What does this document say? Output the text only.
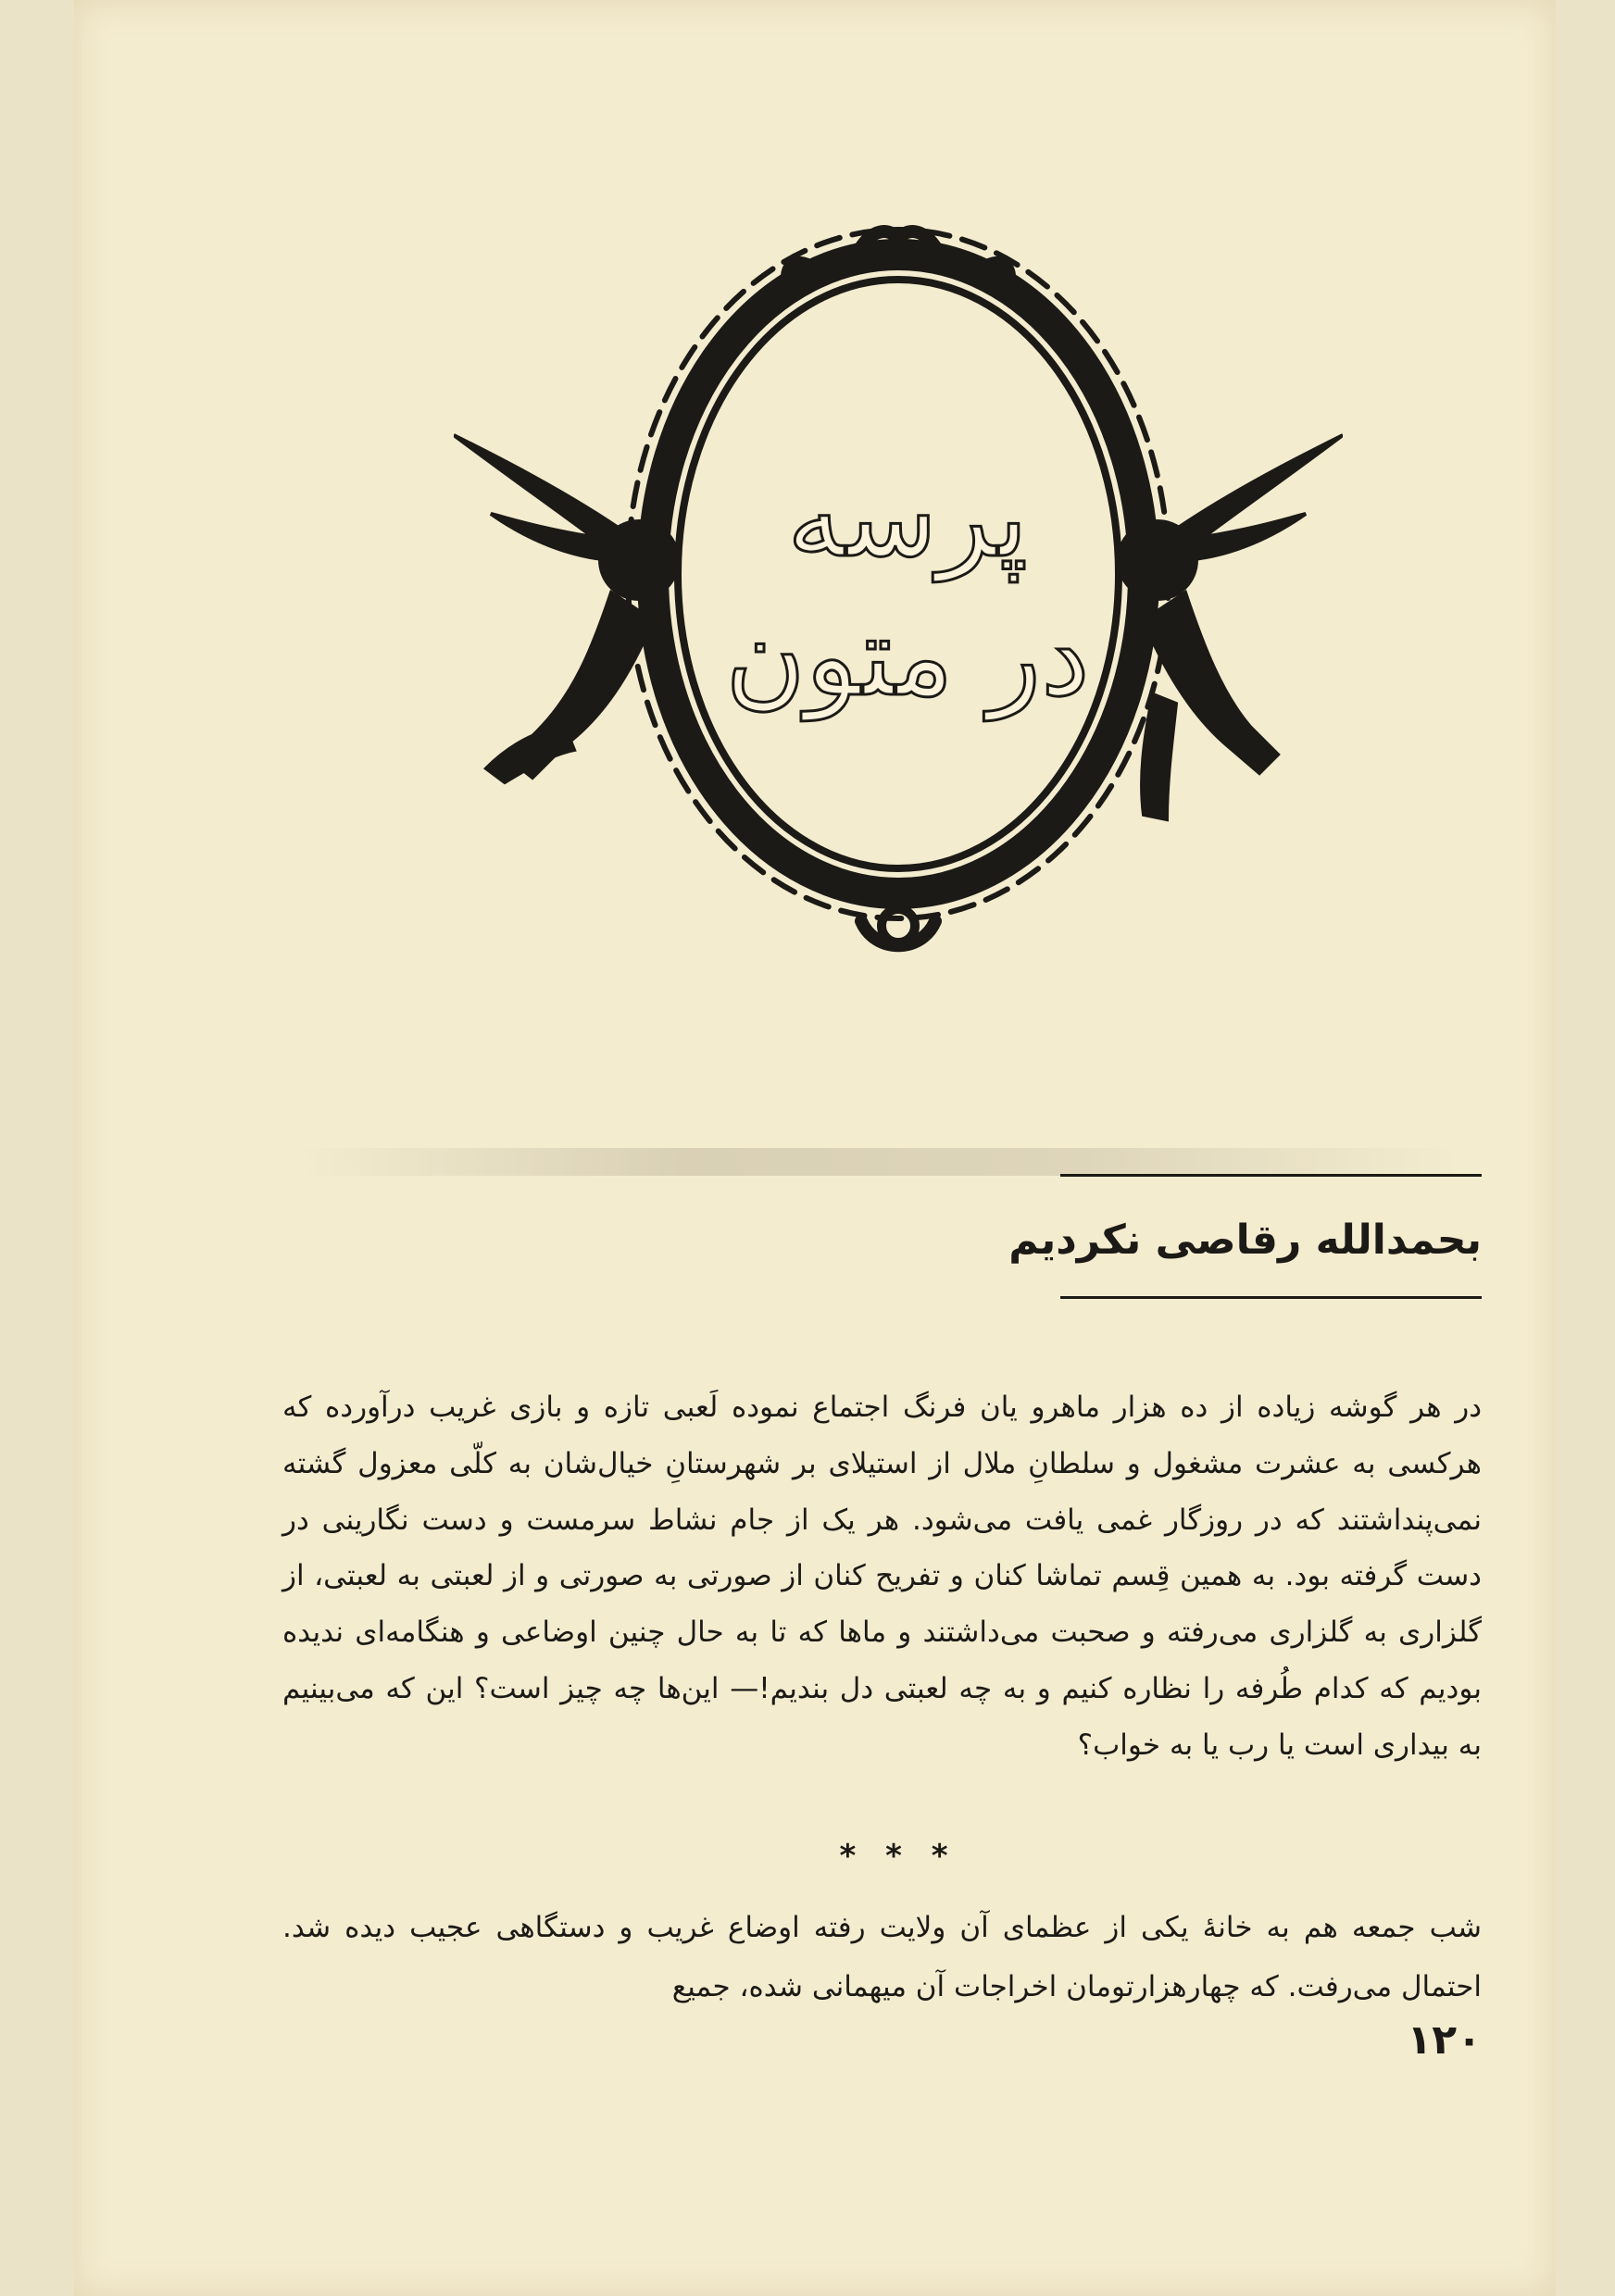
پرسه
در متون
بحمدالله رقاصی نکردیم
در هر گوشه زیاده از ده هزار ماهرو یان فرنگ اجتماع نموده لَعبی تازه و بازی غریب درآورده که هرکسی به عشرت مشغول و سلطانِ ملال از استیلای بر شهرستانِ خیال‌شان به کلّی معزول گشته نمی‌پنداشتند که در روزگار غمی یافت می‌شود. هر یک از جام نشاط سرمست و دست نگارینی در دست گرفته بود. به همین قِسم تماشا کنان و تفریح کنان از صورتی به صورتی و از لعبتی به لعبتی، از گلزاری به گلزاری می‌رفته و صحبت می‌داشتند و ماها که تا به حال چنین اوضاعی و هنگامه‌ای ندیده بودیم که کدام طُرفه را نظاره کنیم و به چه لعبتی دل بندیم!— این‌ها چه چیز است؟ این که می‌بینیم به بیداری است یا رب یا به خواب؟
* * *
شب جمعه هم به خانهٔ یکی از عظمای آن ولایت رفته اوضاع غریب و دستگاهی عجیب دیده شد. احتمال می‌رفت. که چهارهزارتومان اخراجات آن میهمانی شده، جمیع
۱۲۰
